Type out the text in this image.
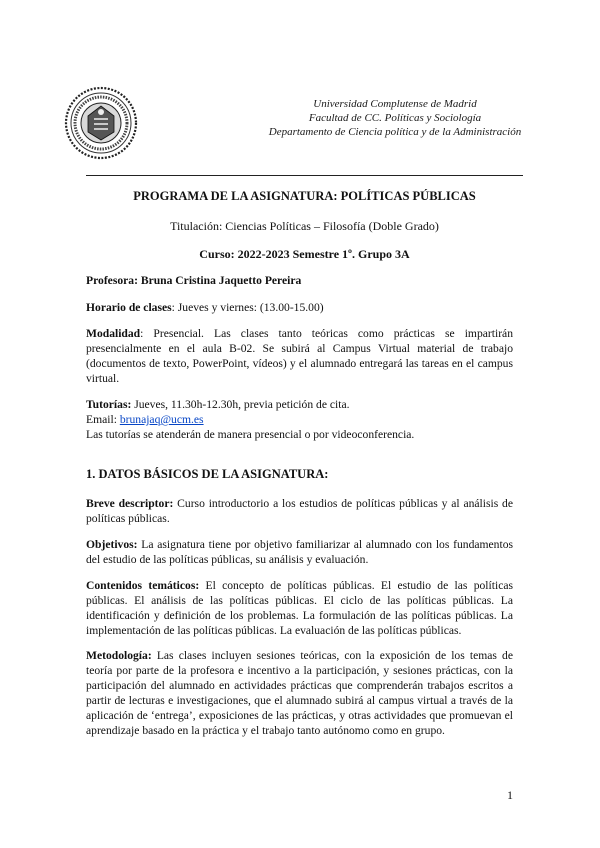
Universidad Complutense de Madrid
Facultad de CC. Políticas y Sociología
Departamento de Ciencia política y de la Administración
PROGRAMA DE LA ASIGNATURA: POLÍTICAS PÚBLICAS
Titulación: Ciencias Políticas – Filosofía (Doble Grado)
Curso: 2022-2023 Semestre 1º. Grupo 3A
Profesora: Bruna Cristina Jaquetto Pereira
Horario de clases: Jueves y viernes: (13.00-15.00)
Modalidad: Presencial. Las clases tanto teóricas como prácticas se impartirán presencialmente en el aula B-02. Se subirá al Campus Virtual material de trabajo (documentos de texto, PowerPoint, vídeos) y el alumnado entregará las tareas en el campus virtual.
Tutorías: Jueves, 11.30h-12.30h, previa petición de cita.
Email: brunajaq@ucm.es
Las tutorías se atenderán de manera presencial o por videoconferencia.
1. DATOS BÁSICOS DE LA ASIGNATURA:
Breve descriptor: Curso introductorio a los estudios de políticas públicas y al análisis de políticas públicas.
Objetivos: La asignatura tiene por objetivo familiarizar al alumnado con los fundamentos del estudio de las políticas públicas, su análisis y evaluación.
Contenidos temáticos: El concepto de políticas públicas. El estudio de las políticas públicas. El análisis de las políticas públicas. El ciclo de las políticas públicas. La identificación y definición de los problemas. La formulación de las políticas públicas. La implementación de las políticas públicas. La evaluación de las políticas públicas.
Metodología: Las clases incluyen sesiones teóricas, con la exposición de los temas de teoría por parte de la profesora e incentivo a la participación, y sesiones prácticas, con la participación del alumnado en actividades prácticas que comprenderán trabajos escritos a partir de lecturas e investigaciones, que el alumnado subirá al campus virtual a través de la aplicación de ‘entrega’, exposiciones de las prácticas, y otras actividades que promuevan el aprendizaje basado en la práctica y el trabajo tanto autónomo como en grupo.
1
